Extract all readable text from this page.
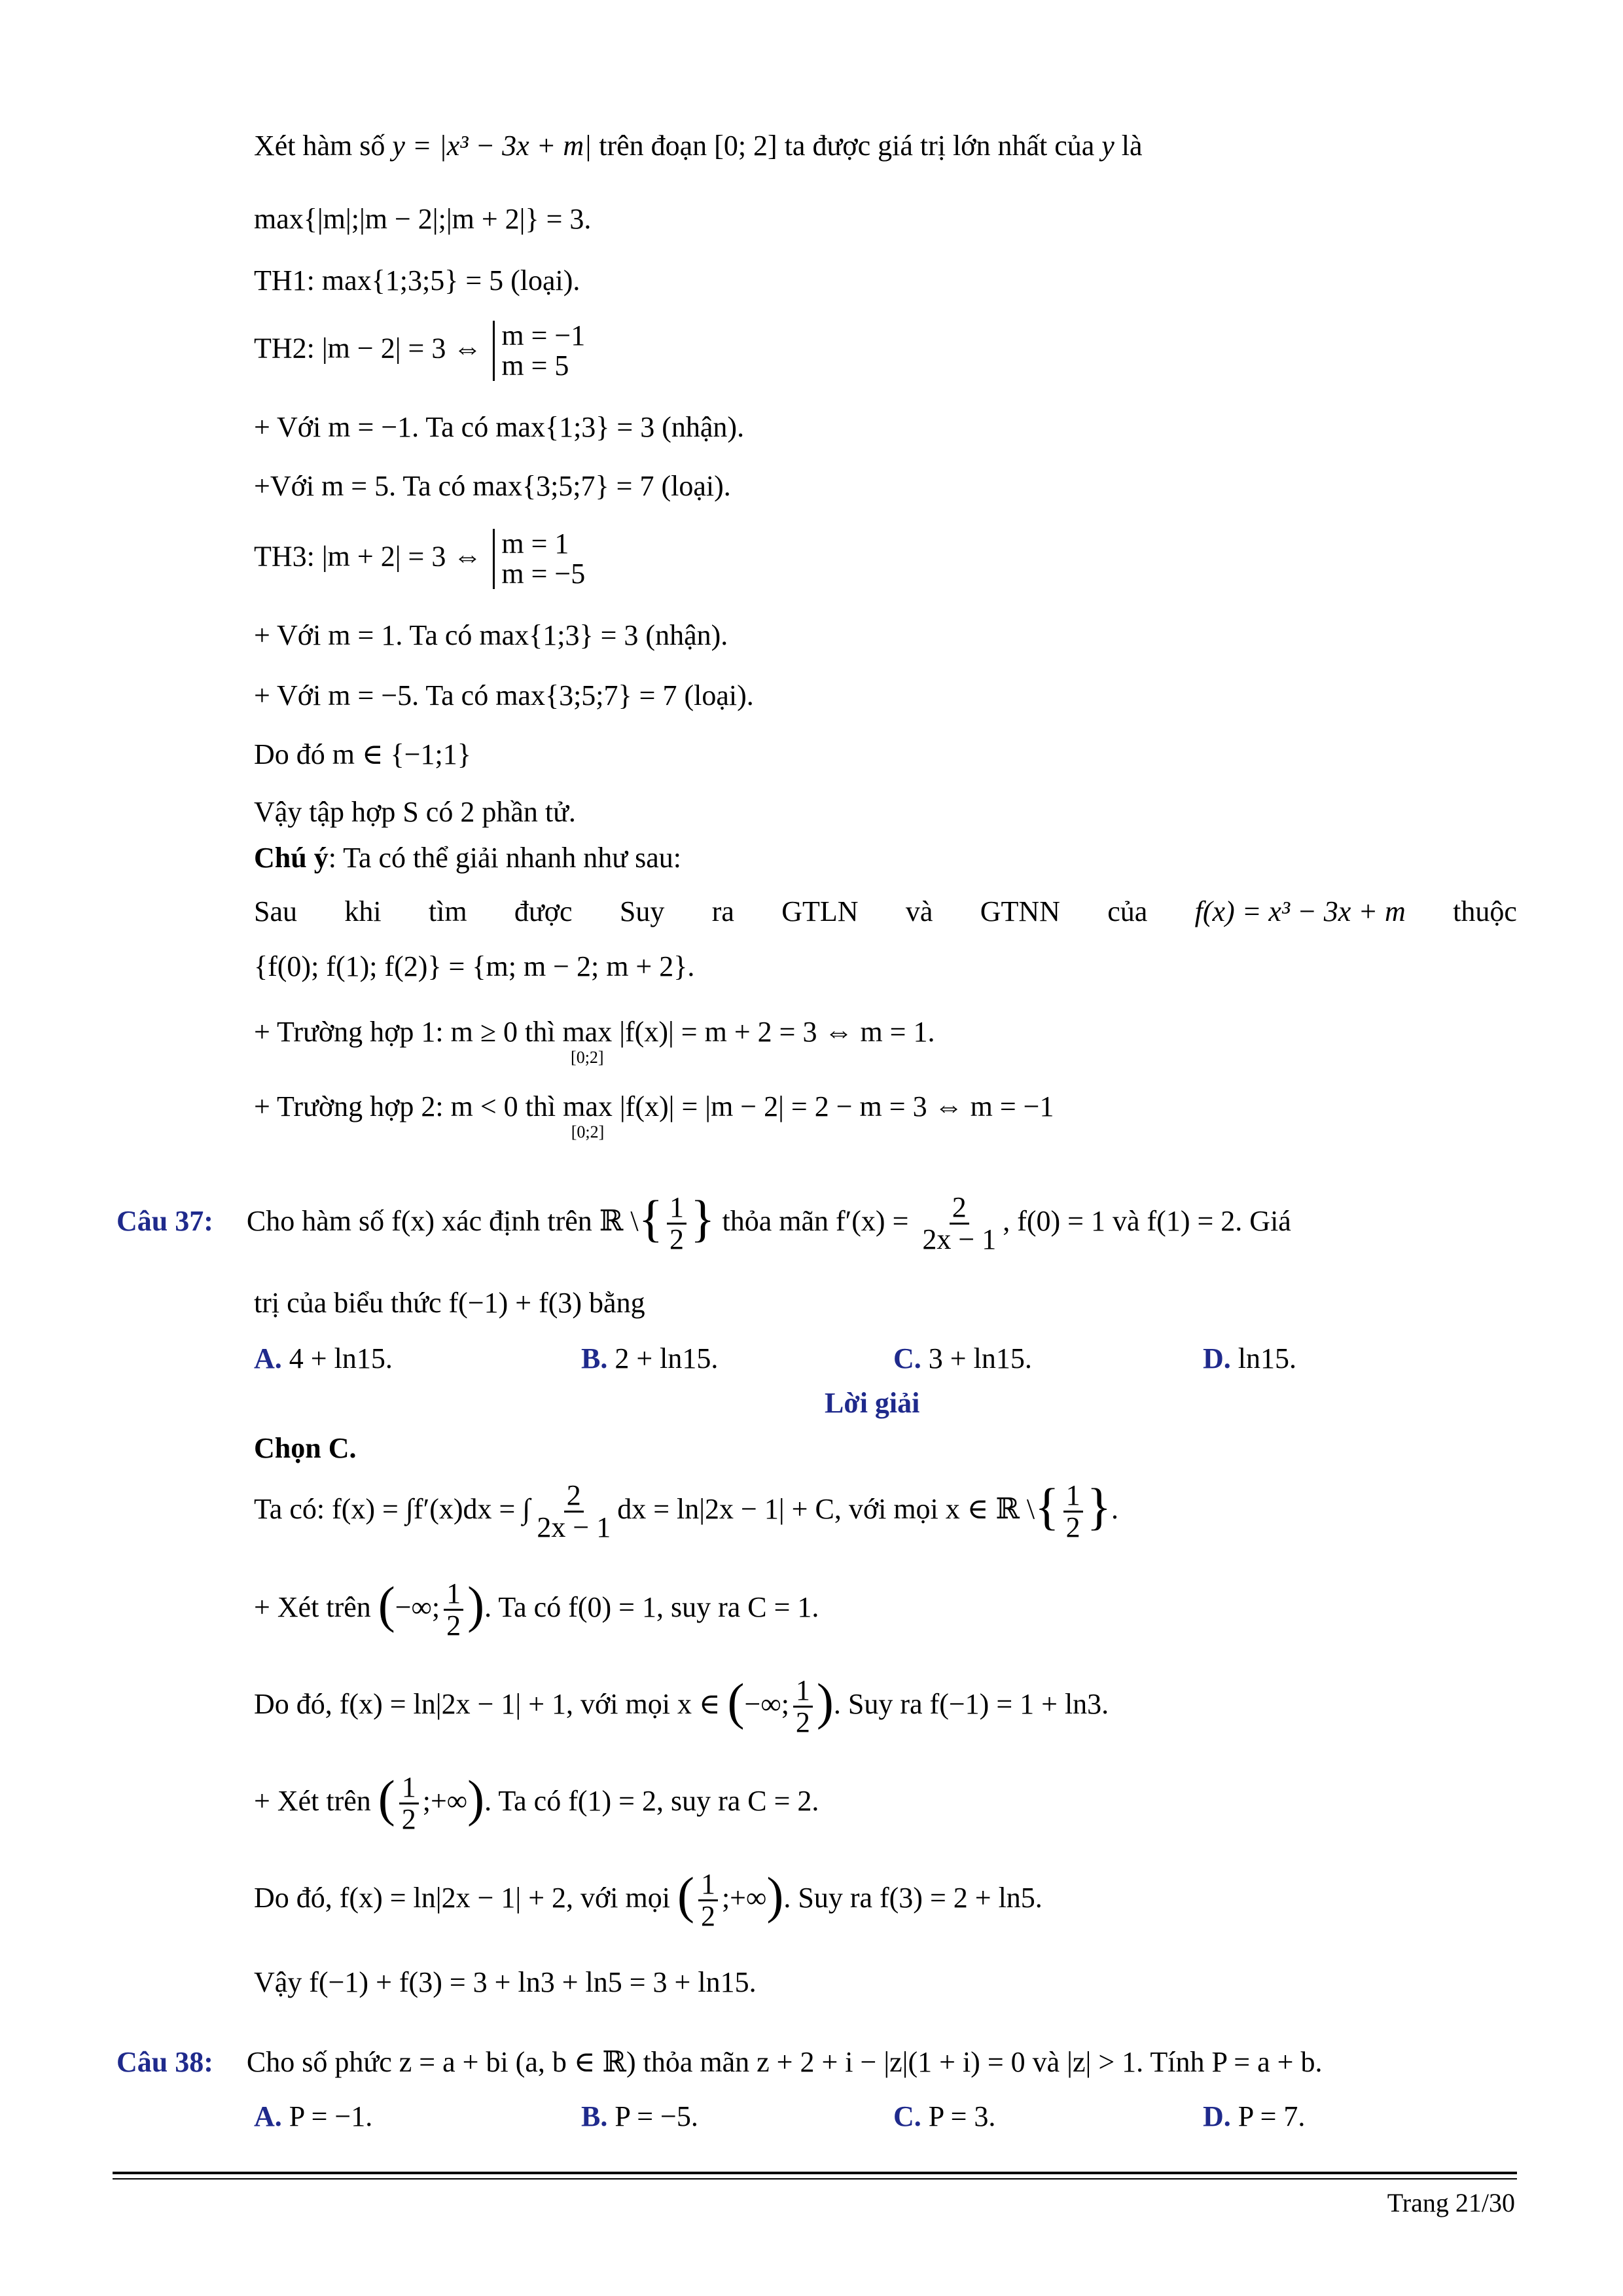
Xét hàm số y = |x³ − 3x + m| trên đoạn [0; 2] ta được giá trị lớn nhất của y là
max{|m|;|m − 2|;|m + 2|} = 3.
TH1: max{1;3;5} = 5 (loại).
TH2: |m − 2| = 3 ⇔ m = −1
m = 5
+ Với m = −1. Ta có max{1;3} = 3 (nhận).
+Với m = 5. Ta có max{3;5;7} = 7 (loại).
TH3: |m + 2| = 3 ⇔ m = 1
m = −5
+ Với m = 1. Ta có max{1;3} = 3 (nhận).
+ Với m = −5. Ta có max{3;5;7} = 7 (loại).
Do đó m ∈ {−1;1}
Vậy tập hợp S có 2 phần tử.
Chú ý: Ta có thể giải nhanh như sau:
Sau khi tìm được Suy ra GTLN và GTNN của f(x) = x³ − 3x + m thuộc
{f(0); f(1); f(2)} = {m; m − 2; m + 2}.
+ Trường hợp 1: m ≥ 0 thì max
[0;2]
|f(x)| = m + 2 = 3 ⇔ m = 1.
+ Trường hợp 2: m < 0 thì max
[0;2]
|f(x)| = |m − 2| = 2 − m = 3 ⇔ m = −1
Câu 37: Cho hàm số f(x) xác định trên ℝ \{ $\frac{1}{2}$ } thỏa mãn $f'(x) = \frac{2}{2x - 1}$ , f(0) = 1 và f(1) = 2. Giá
trị của biểu thức f(−1) + f(3) bằng
A. 4 + ln15.	B. 2 + ln15.	C. 3 + ln15.	D. ln15.
Lời giải
Chọn C.
Ta có: f(x) = ∫f′(x)dx = ∫ $\frac{2}{2x - 1}$ dx = ln|2x − 1| + C, với mọi x ∈ ℝ \{ $\frac{1}{2}$ }.
+ Xét trên (−∞; $\frac{1}{2}$ ). Ta có f(0) = 1, suy ra C = 1.
Do đó, f(x) = ln|2x − 1| + 1, với mọi x ∈ (−∞; $\frac{1}{2}$ ). Suy ra f(−1) = 1 + ln3.
+ Xét trên ( $\frac{1}{2}$ ;+∞). Ta có f(1) = 2, suy ra C = 2.
Do đó, f(x) = ln|2x − 1| + 2, với mọi ( $\frac{1}{2}$ ;+∞). Suy ra f(3) = 2 + ln5.
Vậy f(−1) + f(3) = 3 + ln3 + ln5 = 3 + ln15.
Câu 38: Cho số phức z = a + bi (a, b ∈ ℝ) thỏa mãn z + 2 + i − |z|(1 + i) = 0 và |z| > 1. Tính P = a + b.
A. P = −1.	B. P = −5.	C. P = 3.	D. P = 7.
Trang 21/30
